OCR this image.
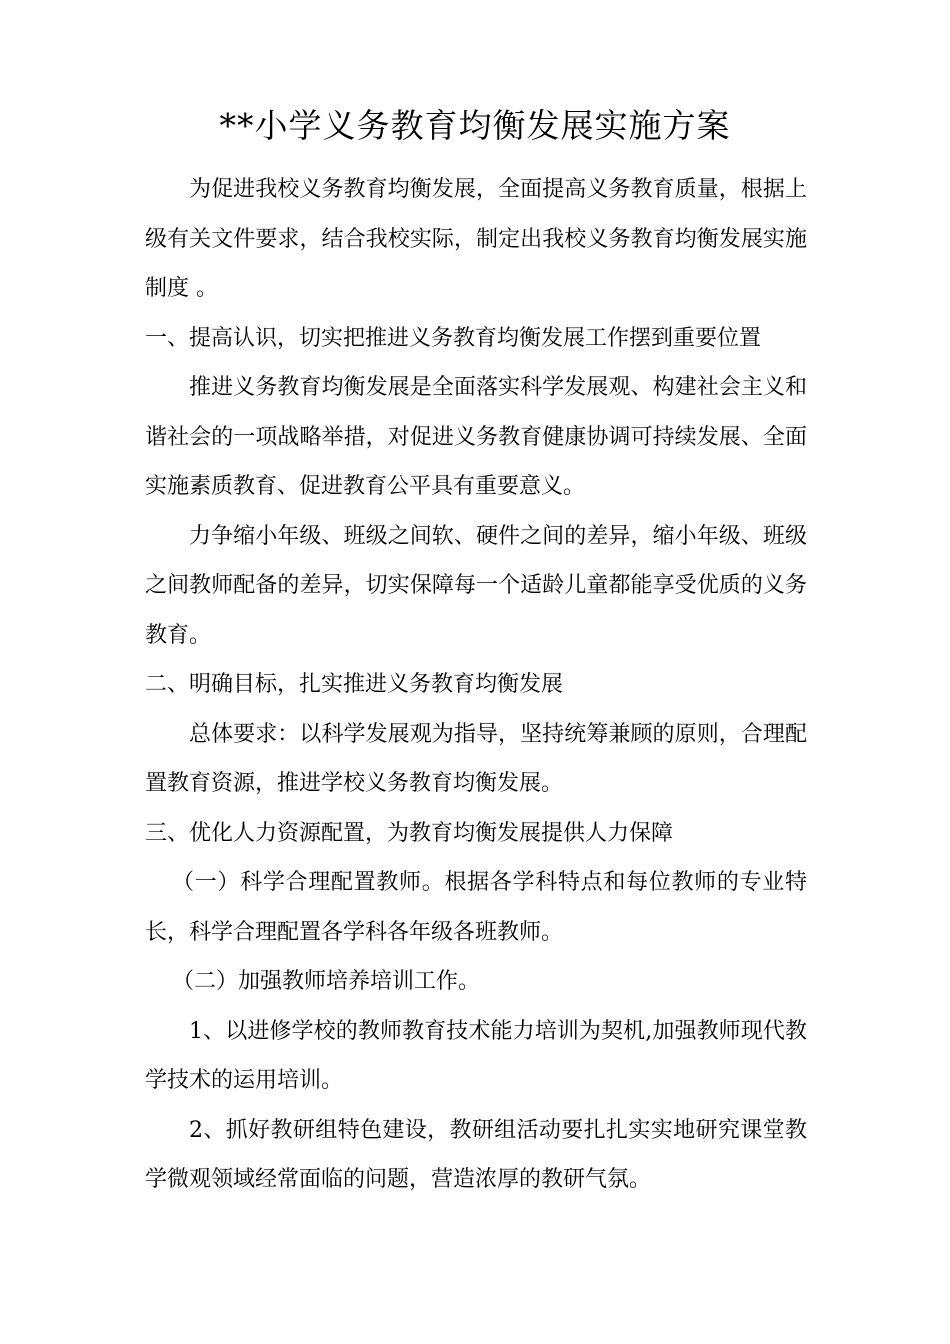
**小学义务教育均衡发展实施方案

为促进我校义务教育均衡发展，全面提高义务教育质量，根据上级有关文件要求，结合我校实际，制定出我校义务教育均衡发展实施制度 。

一、提高认识，切实把推进义务教育均衡发展工作摆到重要位置

推进义务教育均衡发展是全面落实科学发展观、构建社会主义和谐社会的一项战略举措，对促进义务教育健康协调可持续发展、全面实施素质教育、促进教育公平具有重要意义。

力争缩小年级、班级之间软、硬件之间的差异，缩小年级、班级之间教师配备的差异，切实保障每一个适龄儿童都能享受优质的义务教育。

二、明确目标，扎实推进义务教育均衡发展

总体要求：以科学发展观为指导，坚持统筹兼顾的原则，合理配置教育资源，推进学校义务教育均衡发展。

三、优化人力资源配置，为教育均衡发展提供人力保障

（一）科学合理配置教师。根据各学科特点和每位教师的专业特长，科学合理配置各学科各年级各班教师。

（二）加强教师培养培训工作。

1、以进修学校的教师教育技术能力培训为契机,加强教师现代教学技术的运用培训。

2、抓好教研组特色建设，教研组活动要扎扎实实地研究课堂教学微观领域经常面临的问题，营造浓厚的教研气氛。
